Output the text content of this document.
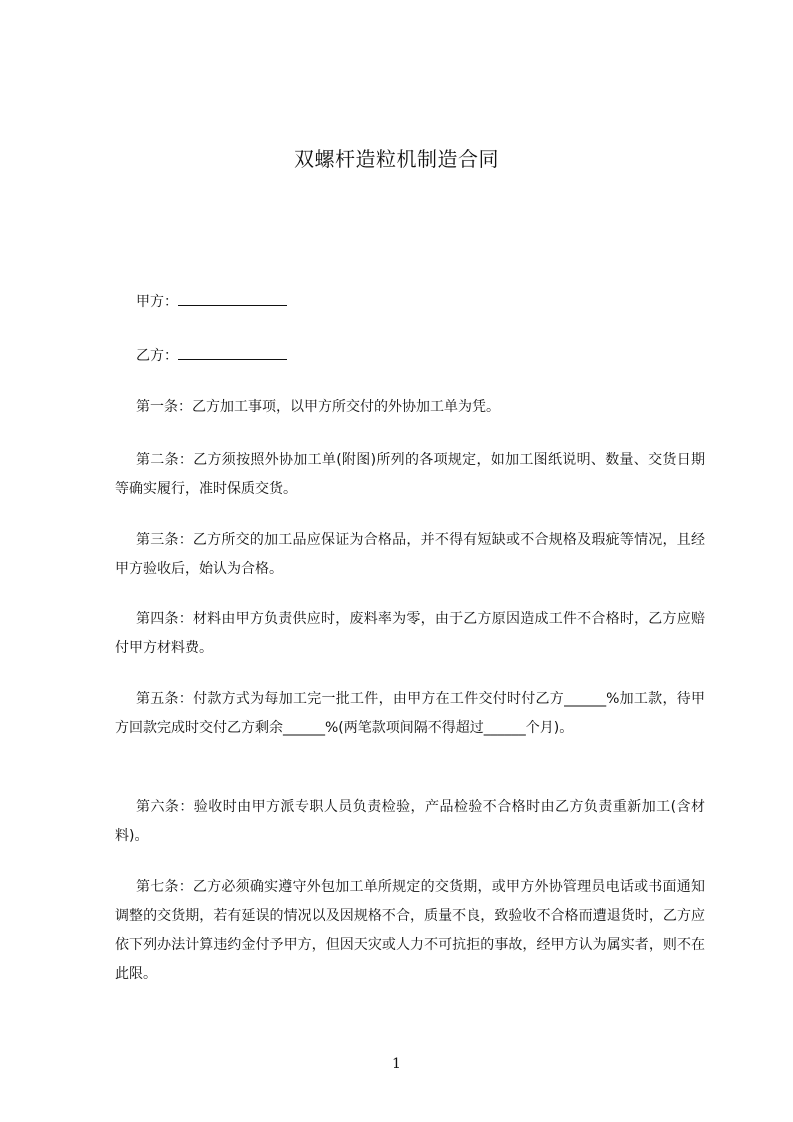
双螺杆造粒机制造合同
甲方：
乙方：
第一条：乙方加工事项，以甲方所交付的外协加工单为凭。
第二条：乙方须按照外协加工单(附图)所列的各项规定，如加工图纸说明、数量、交货日期等确实履行，准时保质交货。
第三条：乙方所交的加工品应保证为合格品，并不得有短缺或不合规格及瑕疵等情况，且经甲方验收后，始认为合格。
第四条：材料由甲方负责供应时，废料率为零，由于乙方原因造成工件不合格时，乙方应赔付甲方材料费。
第五条：付款方式为每加工完一批工件，由甲方在工件交付时付乙方______%加工款，待甲方回款完成时交付乙方剩余______%(两笔款项间隔不得超过______个月)。
第六条：验收时由甲方派专职人员负责检验，产品检验不合格时由乙方负责重新加工(含材料)。
第七条：乙方必须确实遵守外包加工单所规定的交货期，或甲方外协管理员电话或书面通知调整的交货期，若有延误的情况以及因规格不合，质量不良，致验收不合格而遭退货时，乙方应依下列办法计算违约金付予甲方，但因天灾或人力不可抗拒的事故，经甲方认为属实者，则不在此限。
1
